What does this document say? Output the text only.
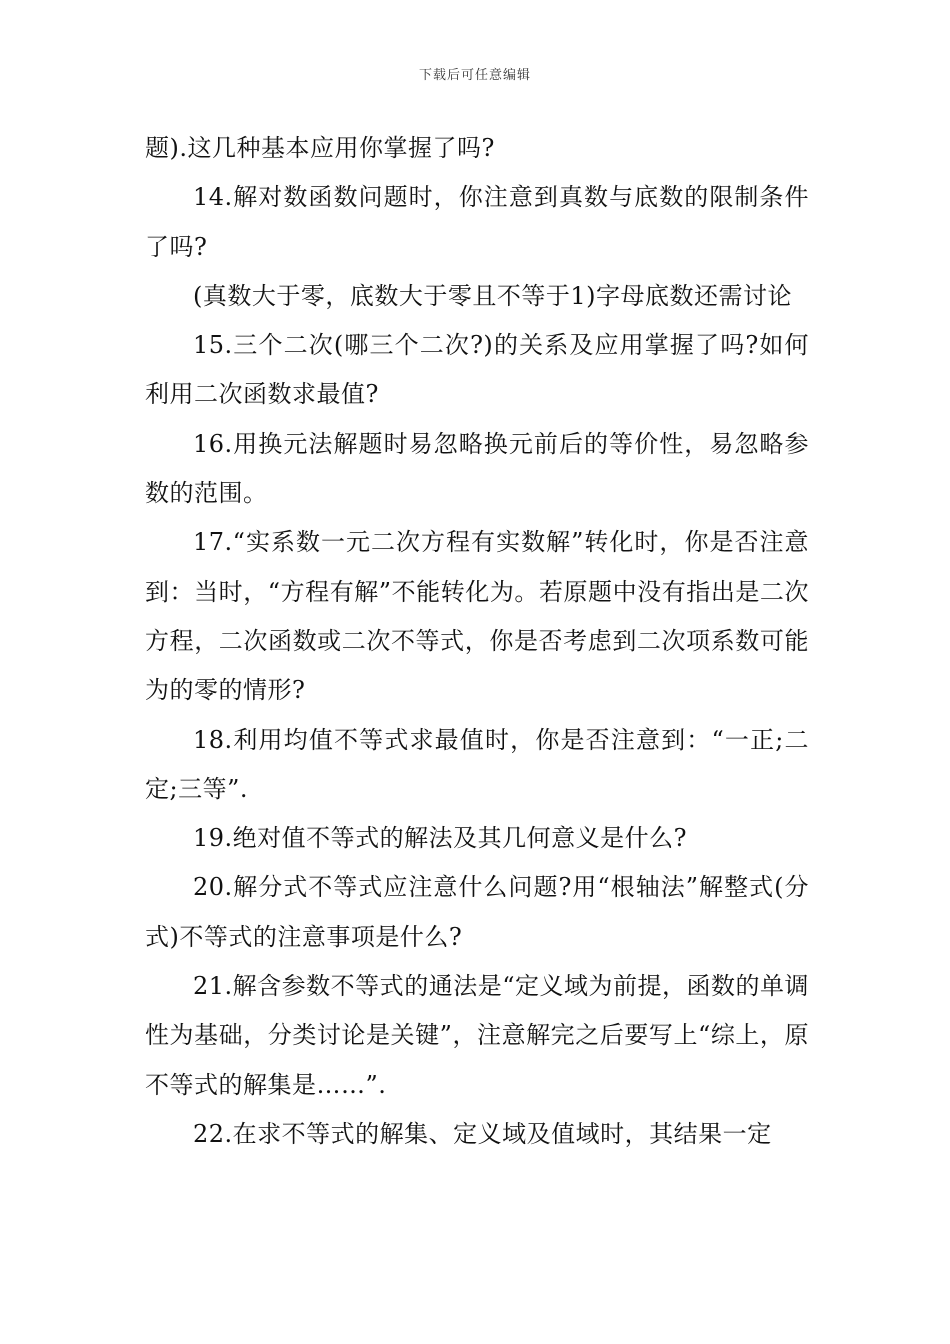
下载后可任意编辑

题).这几种基本应用你掌握了吗?

14.解对数函数问题时，你注意到真数与底数的限制条件了吗?

(真数大于零，底数大于零且不等于1)字母底数还需讨论

15.三个二次(哪三个二次?)的关系及应用掌握了吗?如何利用二次函数求最值?

16.用换元法解题时易忽略换元前后的等价性，易忽略参数的范围。

17.“实系数一元二次方程有实数解”转化时，你是否注意到：当时，“方程有解”不能转化为。若原题中没有指出是二次方程，二次函数或二次不等式，你是否考虑到二次项系数可能为的零的情形?

18.利用均值不等式求最值时，你是否注意到：“一正;二定;三等”.

19.绝对值不等式的解法及其几何意义是什么?

20.解分式不等式应注意什么问题?用“根轴法”解整式(分式)不等式的注意事项是什么?

21.解含参数不等式的通法是“定义域为前提，函数的单调性为基础，分类讨论是关键”，注意解完之后要写上“综上，原不等式的解集是……”.

22.在求不等式的解集、定义域及值域时，其结果一定
